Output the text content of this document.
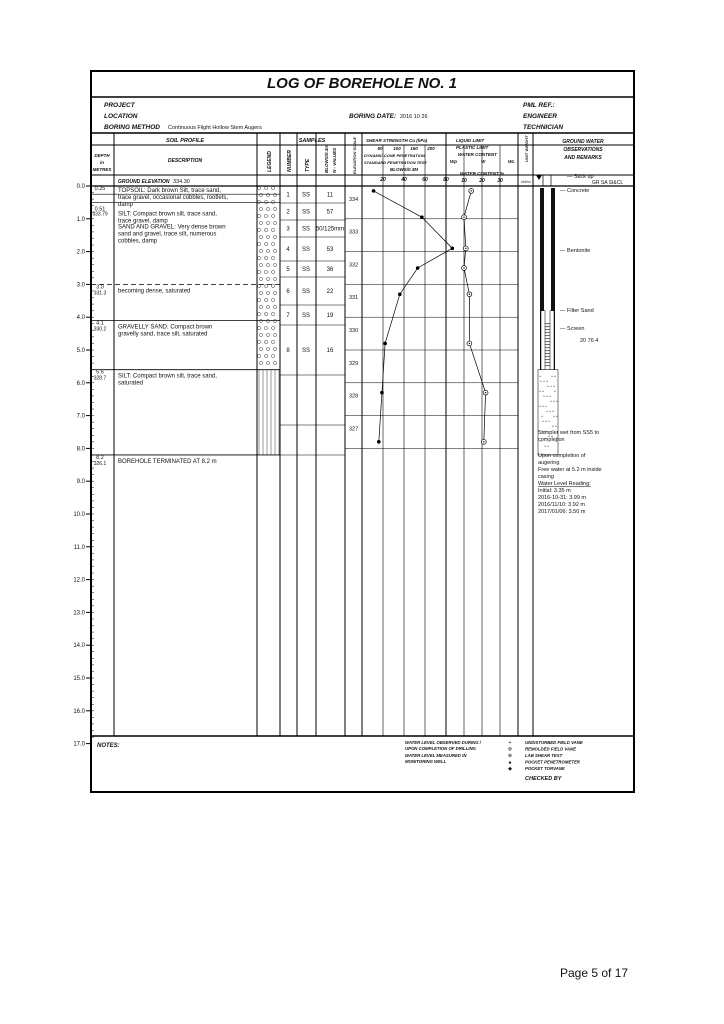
0.0
1.0
2.0
3.0
4.0
5.0
6.0
7.0
8.0
9.0
10.0
11.0
12.0
13.0
14.0
15.0
16.0
17.0
LOG OF BOREHOLE NO. 1
PROJECT
LOCATION
BORING METHOD Continuous Flight Hollow Stem Augers
BORING DATE: 2016 10 26
PML REF.:
ENGINEER
TECHNICIAN
SOIL PROFILE	SAMPLES
DEPTH
in
METRES
DESCRIPTION	LEGEND	NUMBER TYPE	BLOWS/0.3m N - VALUES	ELEVATION SCALE SHEAR STRENGTH Cu (kPa)
50 100 150 200
DYNAMIC CONE PENETRATION
STANDARD PENETRATION TEST
BLOWS/0.3M
20	40	60	80
LIQUID LIMIT
PLASTIC LIMIT
WATER CONTENT
Wp	W	WL
WATER CONTENT %
10 20 30
UNIT WEIGHT
kN/m³
GROUND WATER
OBSERVATIONS
AND REMARKS
GROUND ELEVATION 334.30
0.25 TOPSOIL: Dark brown Silt, trace sand,
trace gravel, occasional cobbles, rootlets,
damp
0.51
333.79 SILT: Compact brown silt, trace sand,
trace gravel, damp
SAND AND GRAVEL: Very dense brown
sand and gravel, trace silt, numerous
cobbles, damp
3.0
331.3 becoming dense, saturated
4.1
330.2 GRAVELLY SAND: Compact brown
gravelly sand, trace silt, saturated
5.6
328.7 SILT: Compact brown silt, trace sand,
saturated
8.2
326.1 BOREHOLE TERMINATED AT 8.2 m
1 SS	11
2 SS	57
3 SS 50/125mm
4 SS	53
5 SS	36
6 SS	22
7 SS	19
8 SS	16
334
333
332
331
330
329
328
327
— Stick up
GR SA SI&CL
— Concrete
— Bentonite
— Filter Sand
— Screen
20 76 4
Sampler wet from SS5 to
completion
Upon completion of
augering
Free water at 5.2 m inside
casing
Water Level Reading:
Initial: 3.35 m
2016-10-31: 3.99 m
2016/11/10: 3.92 m
2017/01/06: 3.50 m
NOTES:
WATER LEVEL OBSERVED DURING /
UPON COMPLETION OF DRILLING
WATER LEVEL MEASURED IN
MONITORING WELL
+	UNDISTURBED FIELD VANE
⊕	REMOLDED FIELD VANE
⊕	LAB SHEAR TEST
▲	POCKET PENETROMETER
◆	POCKET TORVANE
CHECKED BY
Page 5 of 17
